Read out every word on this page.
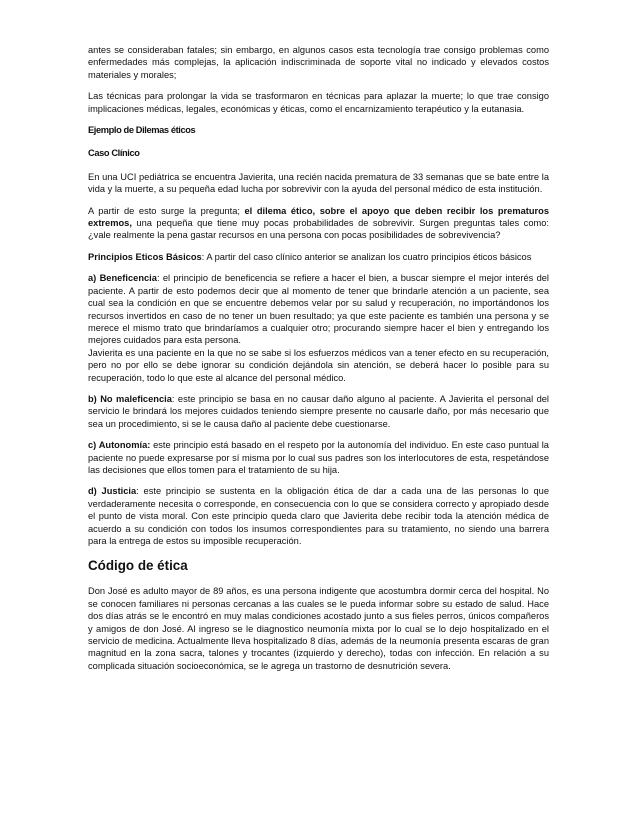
antes se consideraban fatales; sin embargo, en algunos casos esta tecnología trae consigo problemas como enfermedades más complejas, la aplicación indiscriminada de soporte vital no indicado y elevados costos materiales y morales;

Las técnicas para prolongar la vida se trasformaron en técnicas para aplazar la muerte; lo que trae consigo implicaciones médicas, legales, económicas y éticas, como el encarnizamiento terapéutico y la eutanasia.

Ejemplo de Dilemas éticos

Caso Clínico

En una UCI pediátrica se encuentra Javierita, una recién nacida prematura de 33 semanas que se bate entre la vida y la muerte, a su pequeña edad lucha por sobrevivir con la ayuda del personal médico de esta institución.

A partir de esto surge la pregunta; el dilema ético, sobre el apoyo que deben recibir los prematuros extremos, una pequeña que tiene muy pocas probabilidades de sobrevivir. Surgen preguntas tales como: ¿vale realmente la pena gastar recursos en una persona con pocas posibilidades de sobrevivencia?

Principios Eticos Básicos: A partir del caso clínico anterior se analizan los cuatro principios éticos básicos

a) Beneficencia: el principio de beneficencia se refiere a hacer el bien, a buscar siempre el mejor interés del paciente. A partir de esto podemos decir que al momento de tener que brindarle atención a un paciente, sea cual sea la condición en que se encuentre debemos velar por su salud y recuperación, no importándonos los recursos invertidos en caso de no tener un buen resultado; ya que este paciente es también una persona y se merece el mismo trato que brindaríamos a cualquier otro; procurando siempre hacer el bien y entregando los mejores cuidados para esta persona.

Javierita es una paciente en la que no se sabe si los esfuerzos médicos van a tener efecto en su recuperación, pero no por ello se debe ignorar su condición dejándola sin atención, se deberá hacer lo posible para su recuperación, todo lo que este al alcance del personal médico.

b) No maleficencia: este principio se basa en no causar daño alguno al paciente. A Javierita el personal del servicio le brindará los mejores cuidados teniendo siempre presente no causarle daño, por más necesario que sea un procedimiento, si se le causa daño al paciente debe cuestionarse.

c) Autonomía: este principio está basado en el respeto por la autonomía del individuo. En este caso puntual la paciente no puede expresarse por sí misma por lo cual sus padres son los interlocutores de esta, respetándose las decisiones que ellos tomen para el tratamiento de su hija.

d) Justicia: este principio se sustenta en la obligación ética de dar a cada una de las personas lo que verdaderamente necesita o corresponde, en consecuencia con lo que se considera correcto y apropiado desde el punto de vista moral. Con este principio queda claro que Javierita debe recibir toda la atención médica de acuerdo a su condición con todos los insumos correspondientes para su tratamiento, no siendo una barrera para la entrega de estos su imposible recuperación.

Código de ética

Don José es adulto mayor de 89 años, es una persona indigente que acostumbra dormir cerca del hospital. No se conocen familiares ni personas cercanas a las cuales se le pueda informar sobre su estado de salud. Hace dos días atrás se le encontró en muy malas condiciones acostado junto a sus fieles perros, únicos compañeros y amigos de don José. Al ingreso se le diagnostico neumonía mixta por lo cual se lo dejo hospitalizado en el servicio de medicina. Actualmente lleva hospitalizado 8 días, además de la neumonía presenta escaras de gran magnitud en la zona sacra, talones y trocantes (izquierdo y derecho), todas con infección. En relación a su complicada situación socioeconómica, se le agrega un trastorno de desnutrición severa.
